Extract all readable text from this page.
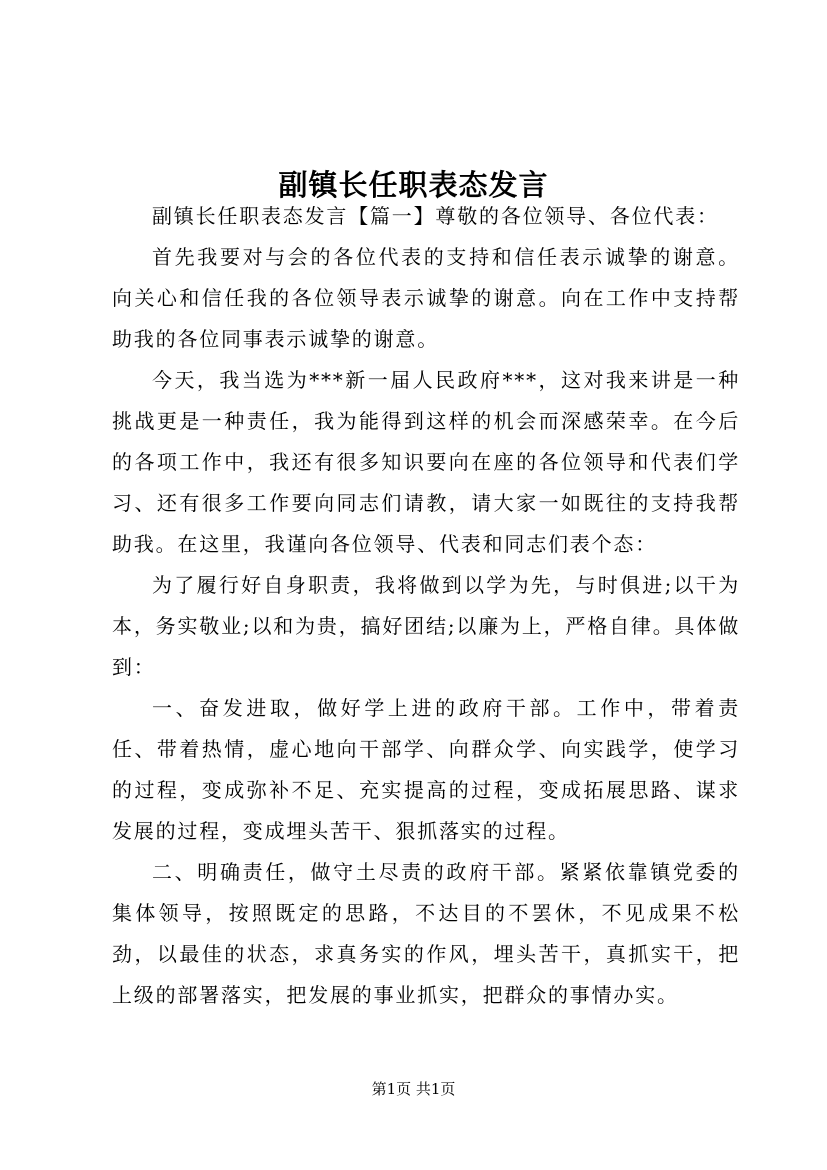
副镇长任职表态发言

副镇长任职表态发言【篇一】尊敬的各位领导、各位代表：

首先我要对与会的各位代表的支持和信任表示诚挚的谢意。向关心和信任我的各位领导表示诚挚的谢意。向在工作中支持帮助我的各位同事表示诚挚的谢意。

今天，我当选为***新一届人民政府***，这对我来讲是一种挑战更是一种责任，我为能得到这样的机会而深感荣幸。在今后的各项工作中，我还有很多知识要向在座的各位领导和代表们学习、还有很多工作要向同志们请教，请大家一如既往的支持我帮助我。在这里，我谨向各位领导、代表和同志们表个态：

为了履行好自身职责，我将做到以学为先，与时俱进;以干为本，务实敬业;以和为贵，搞好团结;以廉为上，严格自律。具体做到：

一、奋发进取，做好学上进的政府干部。工作中，带着责任、带着热情，虚心地向干部学、向群众学、向实践学，使学习的过程，变成弥补不足、充实提高的过程，变成拓展思路、谋求发展的过程，变成埋头苦干、狠抓落实的过程。

二、明确责任，做守土尽责的政府干部。紧紧依靠镇党委的集体领导，按照既定的思路，不达目的不罢休，不见成果不松劲，以最佳的状态，求真务实的作风，埋头苦干，真抓实干，把上级的部署落实，把发展的事业抓实，把群众的事情办实。

第1页 共1页
